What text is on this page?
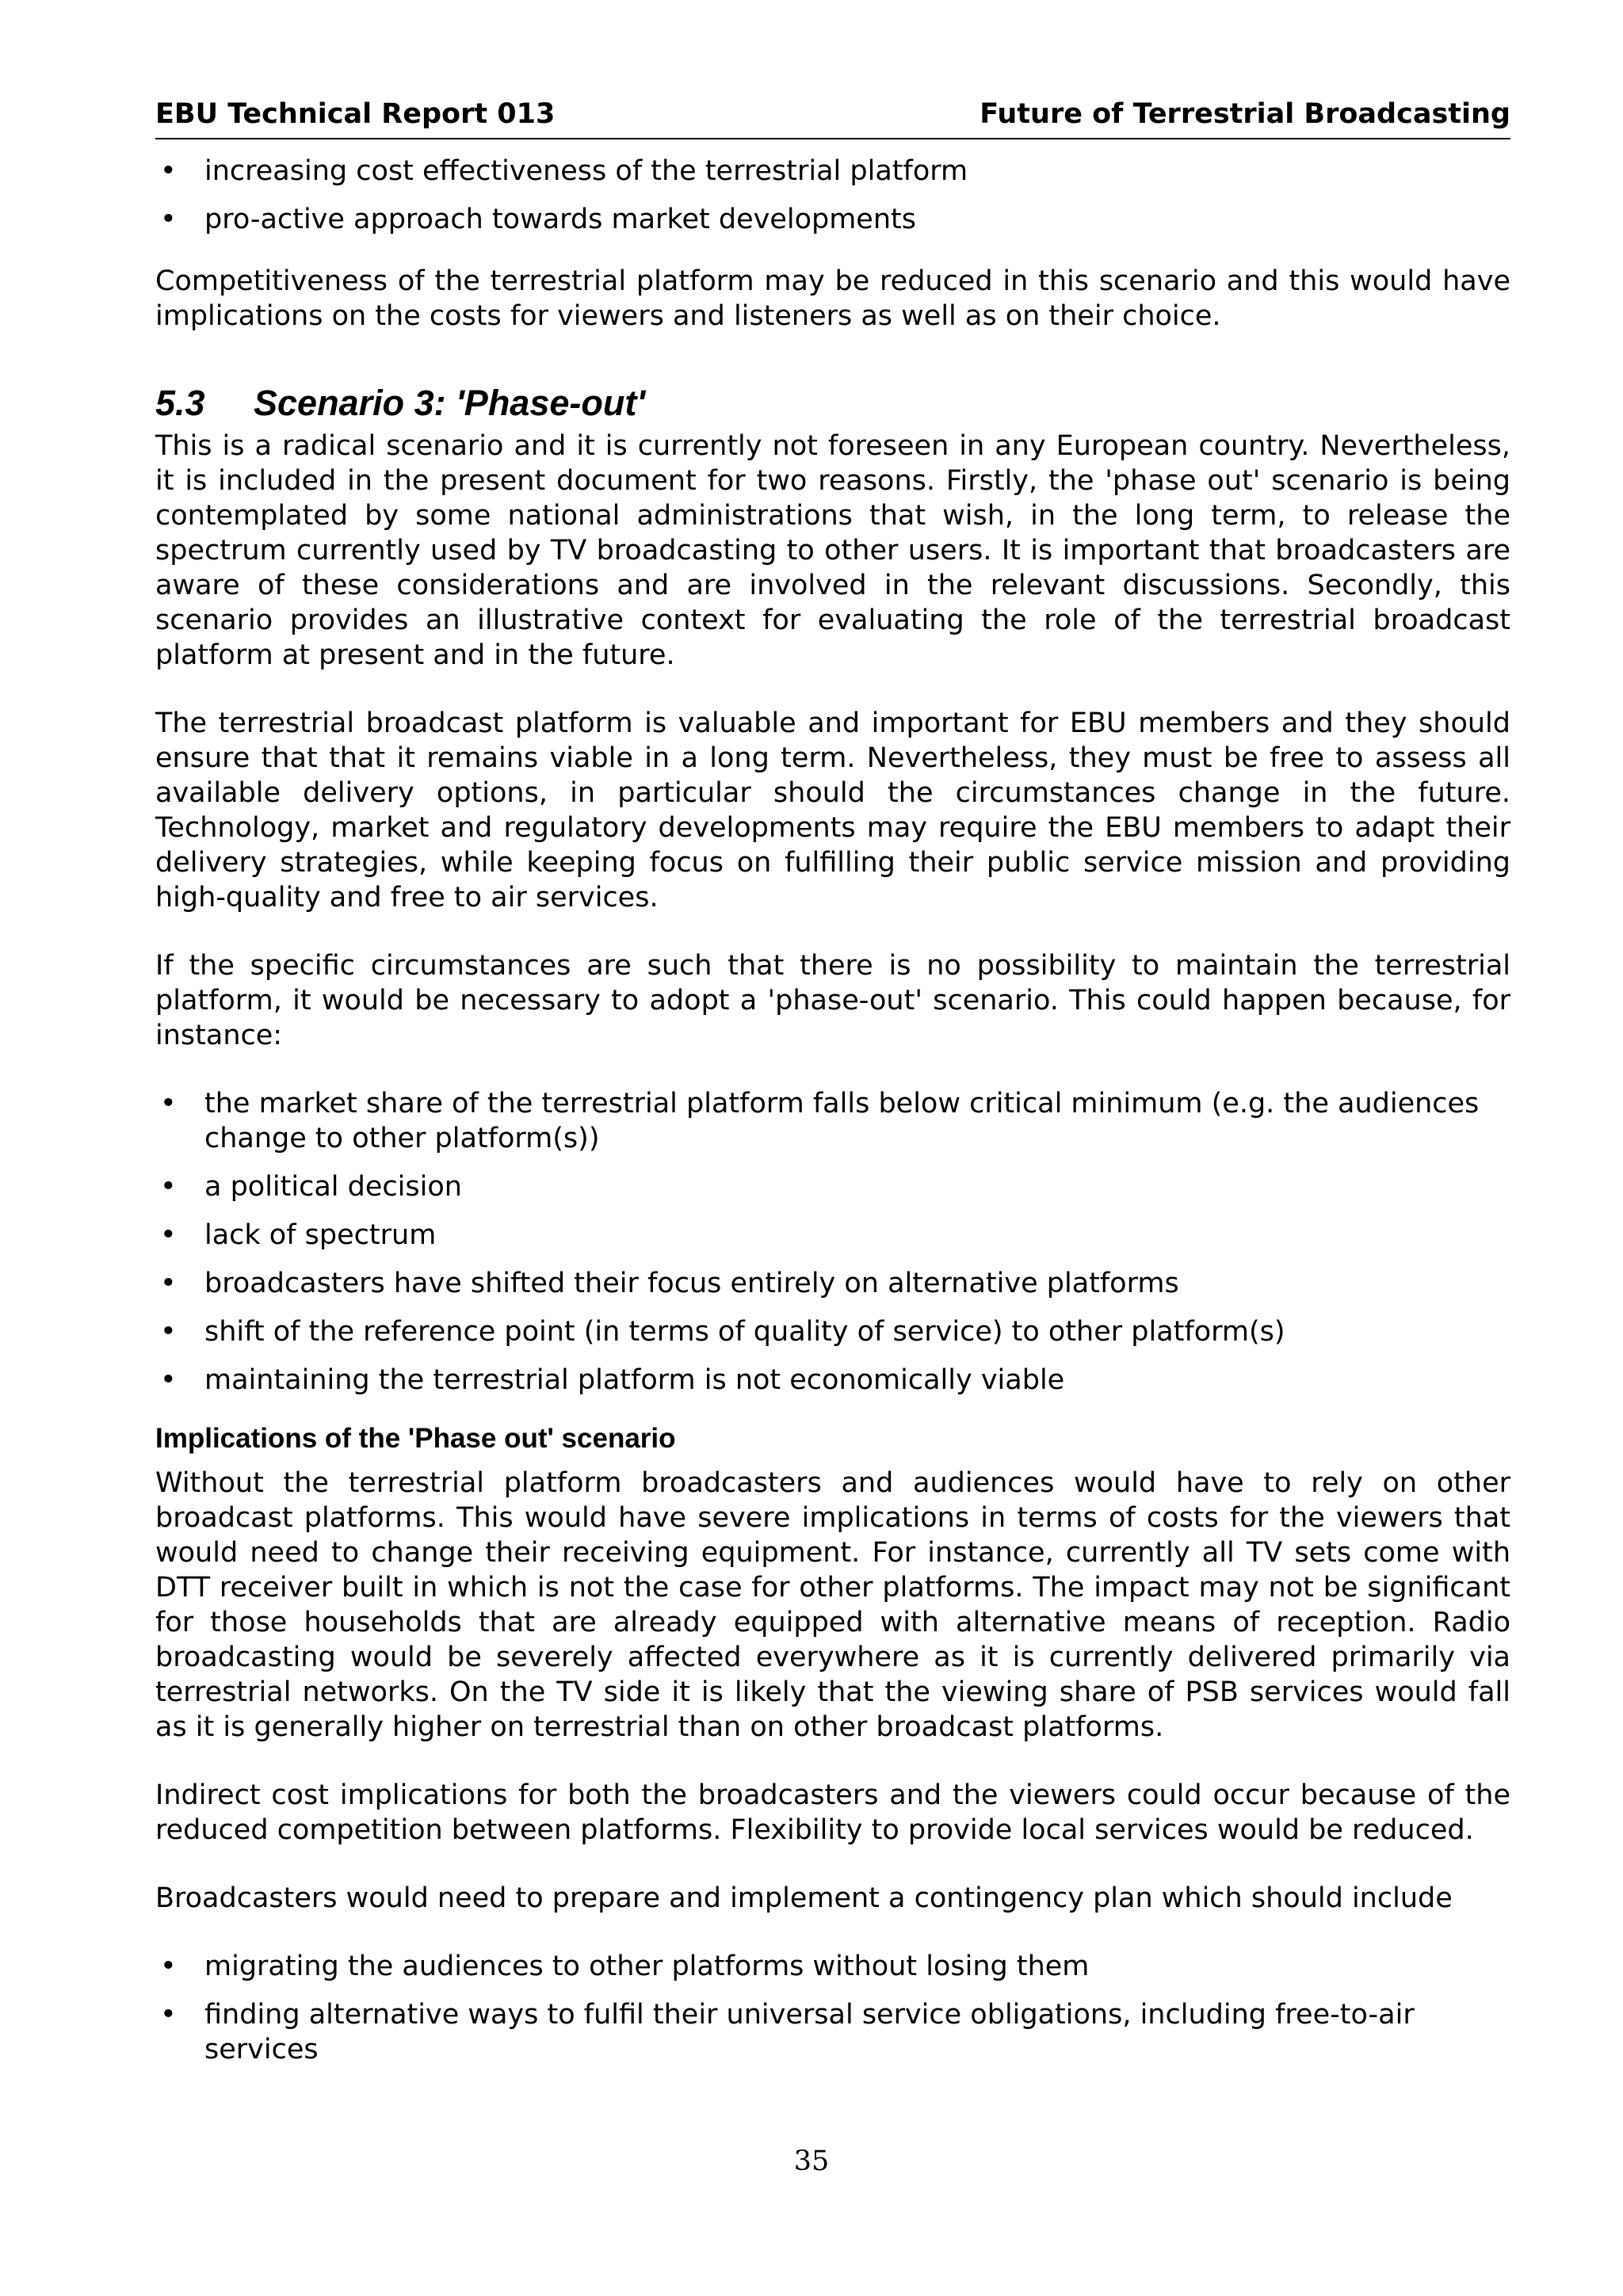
EBU Technical Report 013	Future of Terrestrial Broadcasting
• increasing cost effectiveness of the terrestrial platform
• pro-active approach towards market developments

Competitiveness of the terrestrial platform may be reduced in this scenario and this would have implications on the costs for viewers and listeners as well as on their choice.

5.3	Scenario 3: 'Phase-out'

This is a radical scenario and it is currently not foreseen in any European country. Nevertheless, it is included in the present document for two reasons. Firstly, the 'phase out' scenario is being contemplated by some national administrations that wish, in the long term, to release the spectrum currently used by TV broadcasting to other users. It is important that broadcasters are aware of these considerations and are involved in the relevant discussions. Secondly, this scenario provides an illustrative context for evaluating the role of the terrestrial broadcast platform at present and in the future.

The terrestrial broadcast platform is valuable and important for EBU members and they should ensure that that it remains viable in a long term. Nevertheless, they must be free to assess all available delivery options, in particular should the circumstances change in the future. Technology, market and regulatory developments may require the EBU members to adapt their delivery strategies, while keeping focus on fulfilling their public service mission and providing high-quality and free to air services.

If the specific circumstances are such that there is no possibility to maintain the terrestrial platform, it would be necessary to adopt a 'phase-out' scenario. This could happen because, for instance:

• the market share of the terrestrial platform falls below critical minimum (e.g. the audiences change to other platform(s))
• a political decision
• lack of spectrum
• broadcasters have shifted their focus entirely on alternative platforms
• shift of the reference point (in terms of quality of service) to other platform(s)
• maintaining the terrestrial platform is not economically viable
Implications of the 'Phase out' scenario

Without the terrestrial platform broadcasters and audiences would have to rely on other broadcast platforms. This would have severe implications in terms of costs for the viewers that would need to change their receiving equipment. For instance, currently all TV sets come with DTT receiver built in which is not the case for other platforms. The impact may not be significant for those households that are already equipped with alternative means of reception. Radio broadcasting would be severely affected everywhere as it is currently delivered primarily via terrestrial networks. On the TV side it is likely that the viewing share of PSB services would fall as it is generally higher on terrestrial than on other broadcast platforms.

Indirect cost implications for both the broadcasters and the viewers could occur because of the reduced competition between platforms. Flexibility to provide local services would be reduced.

Broadcasters would need to prepare and implement a contingency plan which should include

• migrating the audiences to other platforms without losing them
• finding alternative ways to fulfil their universal service obligations, including free-to-air services
35
